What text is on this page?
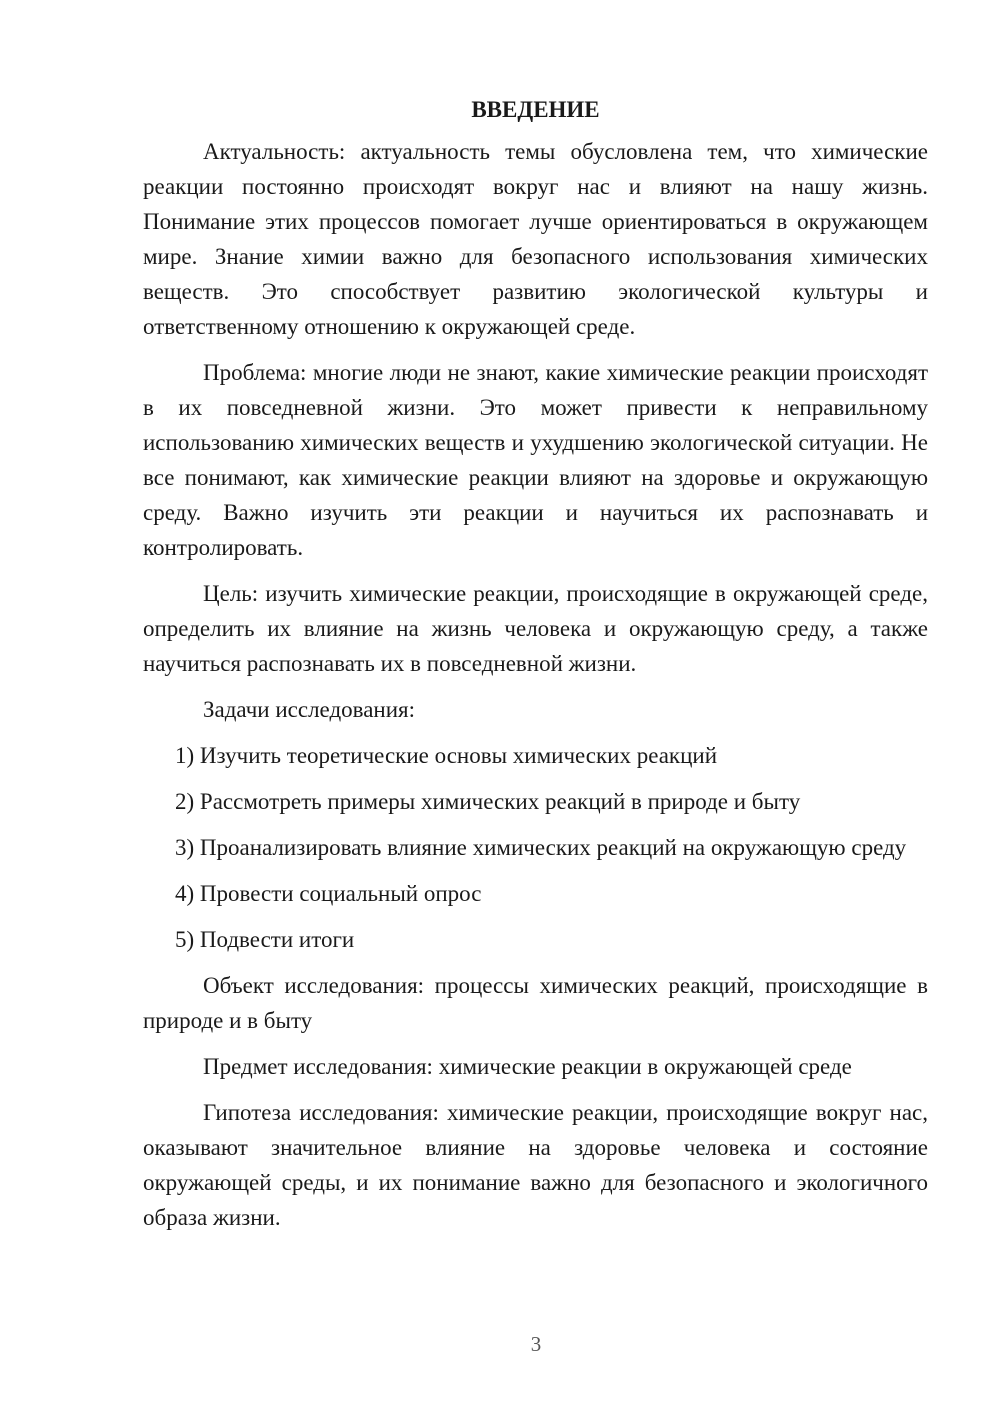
ВВЕДЕНИЕ

Актуальность: актуальность темы обусловлена тем, что химические реакции постоянно происходят вокруг нас и влияют на нашу жизнь. Понимание этих процессов помогает лучше ориентироваться в окружающем мире. Знание химии важно для безопасного использования химических веществ. Это способствует развитию экологической культуры и ответственному отношению к окружающей среде.

Проблема: многие люди не знают, какие химические реакции происходят в их повседневной жизни. Это может привести к неправильному использованию химических веществ и ухудшению экологической ситуации. Не все понимают, как химические реакции влияют на здоровье и окружающую среду. Важно изучить эти реакции и научиться их распознавать и контролировать.

Цель: изучить химические реакции, происходящие в окружающей среде, определить их влияние на жизнь человека и окружающую среду, а также научиться распознавать их в повседневной жизни.

Задачи исследования:

1) Изучить теоретические основы химических реакций

2) Рассмотреть примеры химических реакций в природе и быту

3) Проанализировать влияние химических реакций на окружающую среду

4) Провести социальный опрос

5) Подвести итоги

Объект исследования: процессы химических реакций, происходящие в природе и в быту

Предмет исследования: химические реакции в окружающей среде

Гипотеза исследования: химические реакции, происходящие вокруг нас, оказывают значительное влияние на здоровье человека и состояние окружающей среды, и их понимание важно для безопасного и экологичного образа жизни.

3
